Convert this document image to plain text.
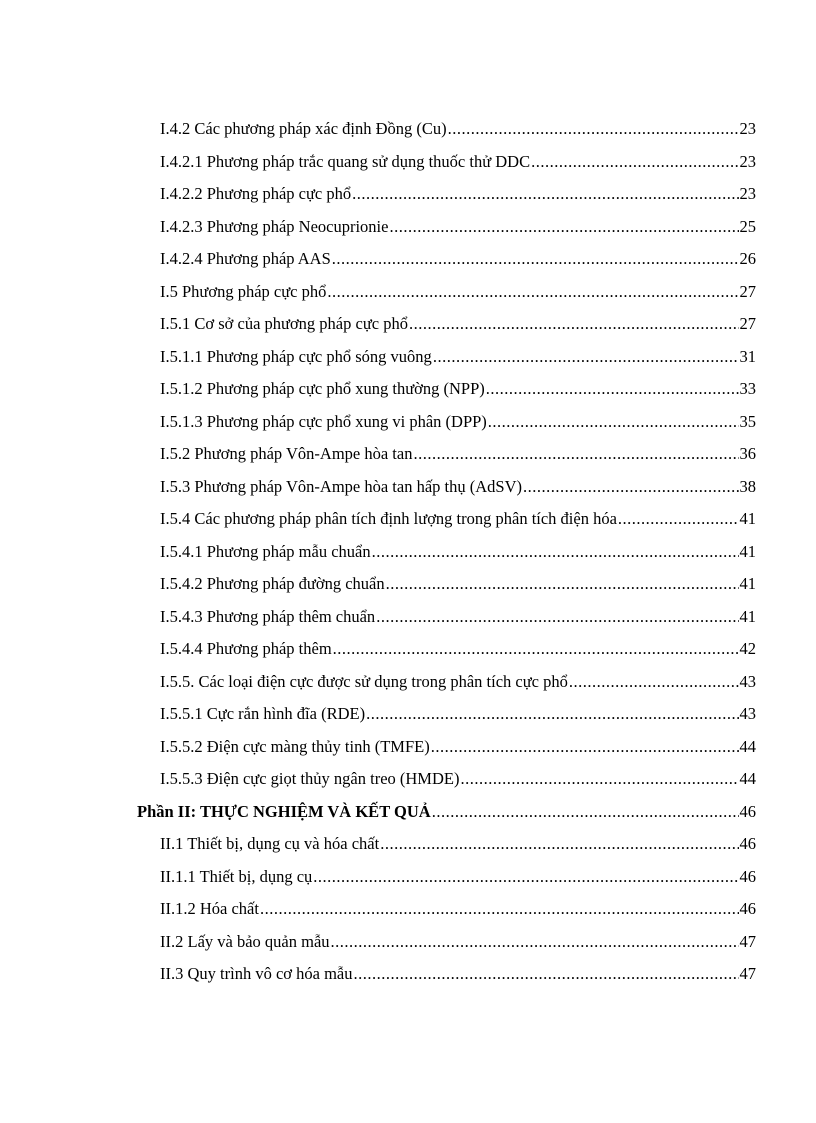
I.4.2 Các phương pháp xác định Đồng (Cu) .....	23
I.4.2.1 Phương pháp trắc quang sử dụng thuốc thử DDC .....	23
I.4.2.2 Phương pháp cực phổ .....	23
I.4.2.3 Phương pháp Neocuprionie .....	25
I.4.2.4 Phương pháp AAS .....	26
I.5 Phương pháp cực phổ .....	27
I.5.1 Cơ sở của phương pháp cực phổ .....	27
I.5.1.1 Phương pháp cực phổ sóng vuông .....	31
I.5.1.2 Phương pháp cực phổ xung thường (NPP) .....	33
I.5.1.3 Phương pháp cực phổ xung vi phân (DPP) .....	35
I.5.2 Phương pháp Vôn-Ampe hòa tan .....	36
I.5.3 Phương pháp Vôn-Ampe hòa tan hấp thụ (AdSV) .....	38
I.5.4 Các phương pháp phân tích định lượng trong phân tích điện hóa .....	41
I.5.4.1 Phương pháp mẫu chuẩn .....	41
I.5.4.2 Phương pháp đường chuẩn .....	41
I.5.4.3 Phương pháp thêm chuẩn .....	41
I.5.4.4 Phương pháp thêm .....	42
I.5.5. Các loại điện cực được sử dụng trong phân tích cực phổ .....	43
I.5.5.1 Cực rắn hình đĩa (RDE) .....	43
I.5.5.2 Điện cực màng thủy tinh (TMFE) .....	44
I.5.5.3 Điện cực giọt thủy ngân treo (HMDE) .....	44
Phần II: THỰC NGHIỆM VÀ KẾT QUẢ .....	46
II.1 Thiết bị, dụng cụ và hóa chất .....	46
II.1.1 Thiết bị, dụng cụ .....	46
II.1.2 Hóa chất .....	46
II.2 Lấy và bảo quản mẫu .....	47
II.3 Quy trình vô cơ hóa mẫu .....	47
